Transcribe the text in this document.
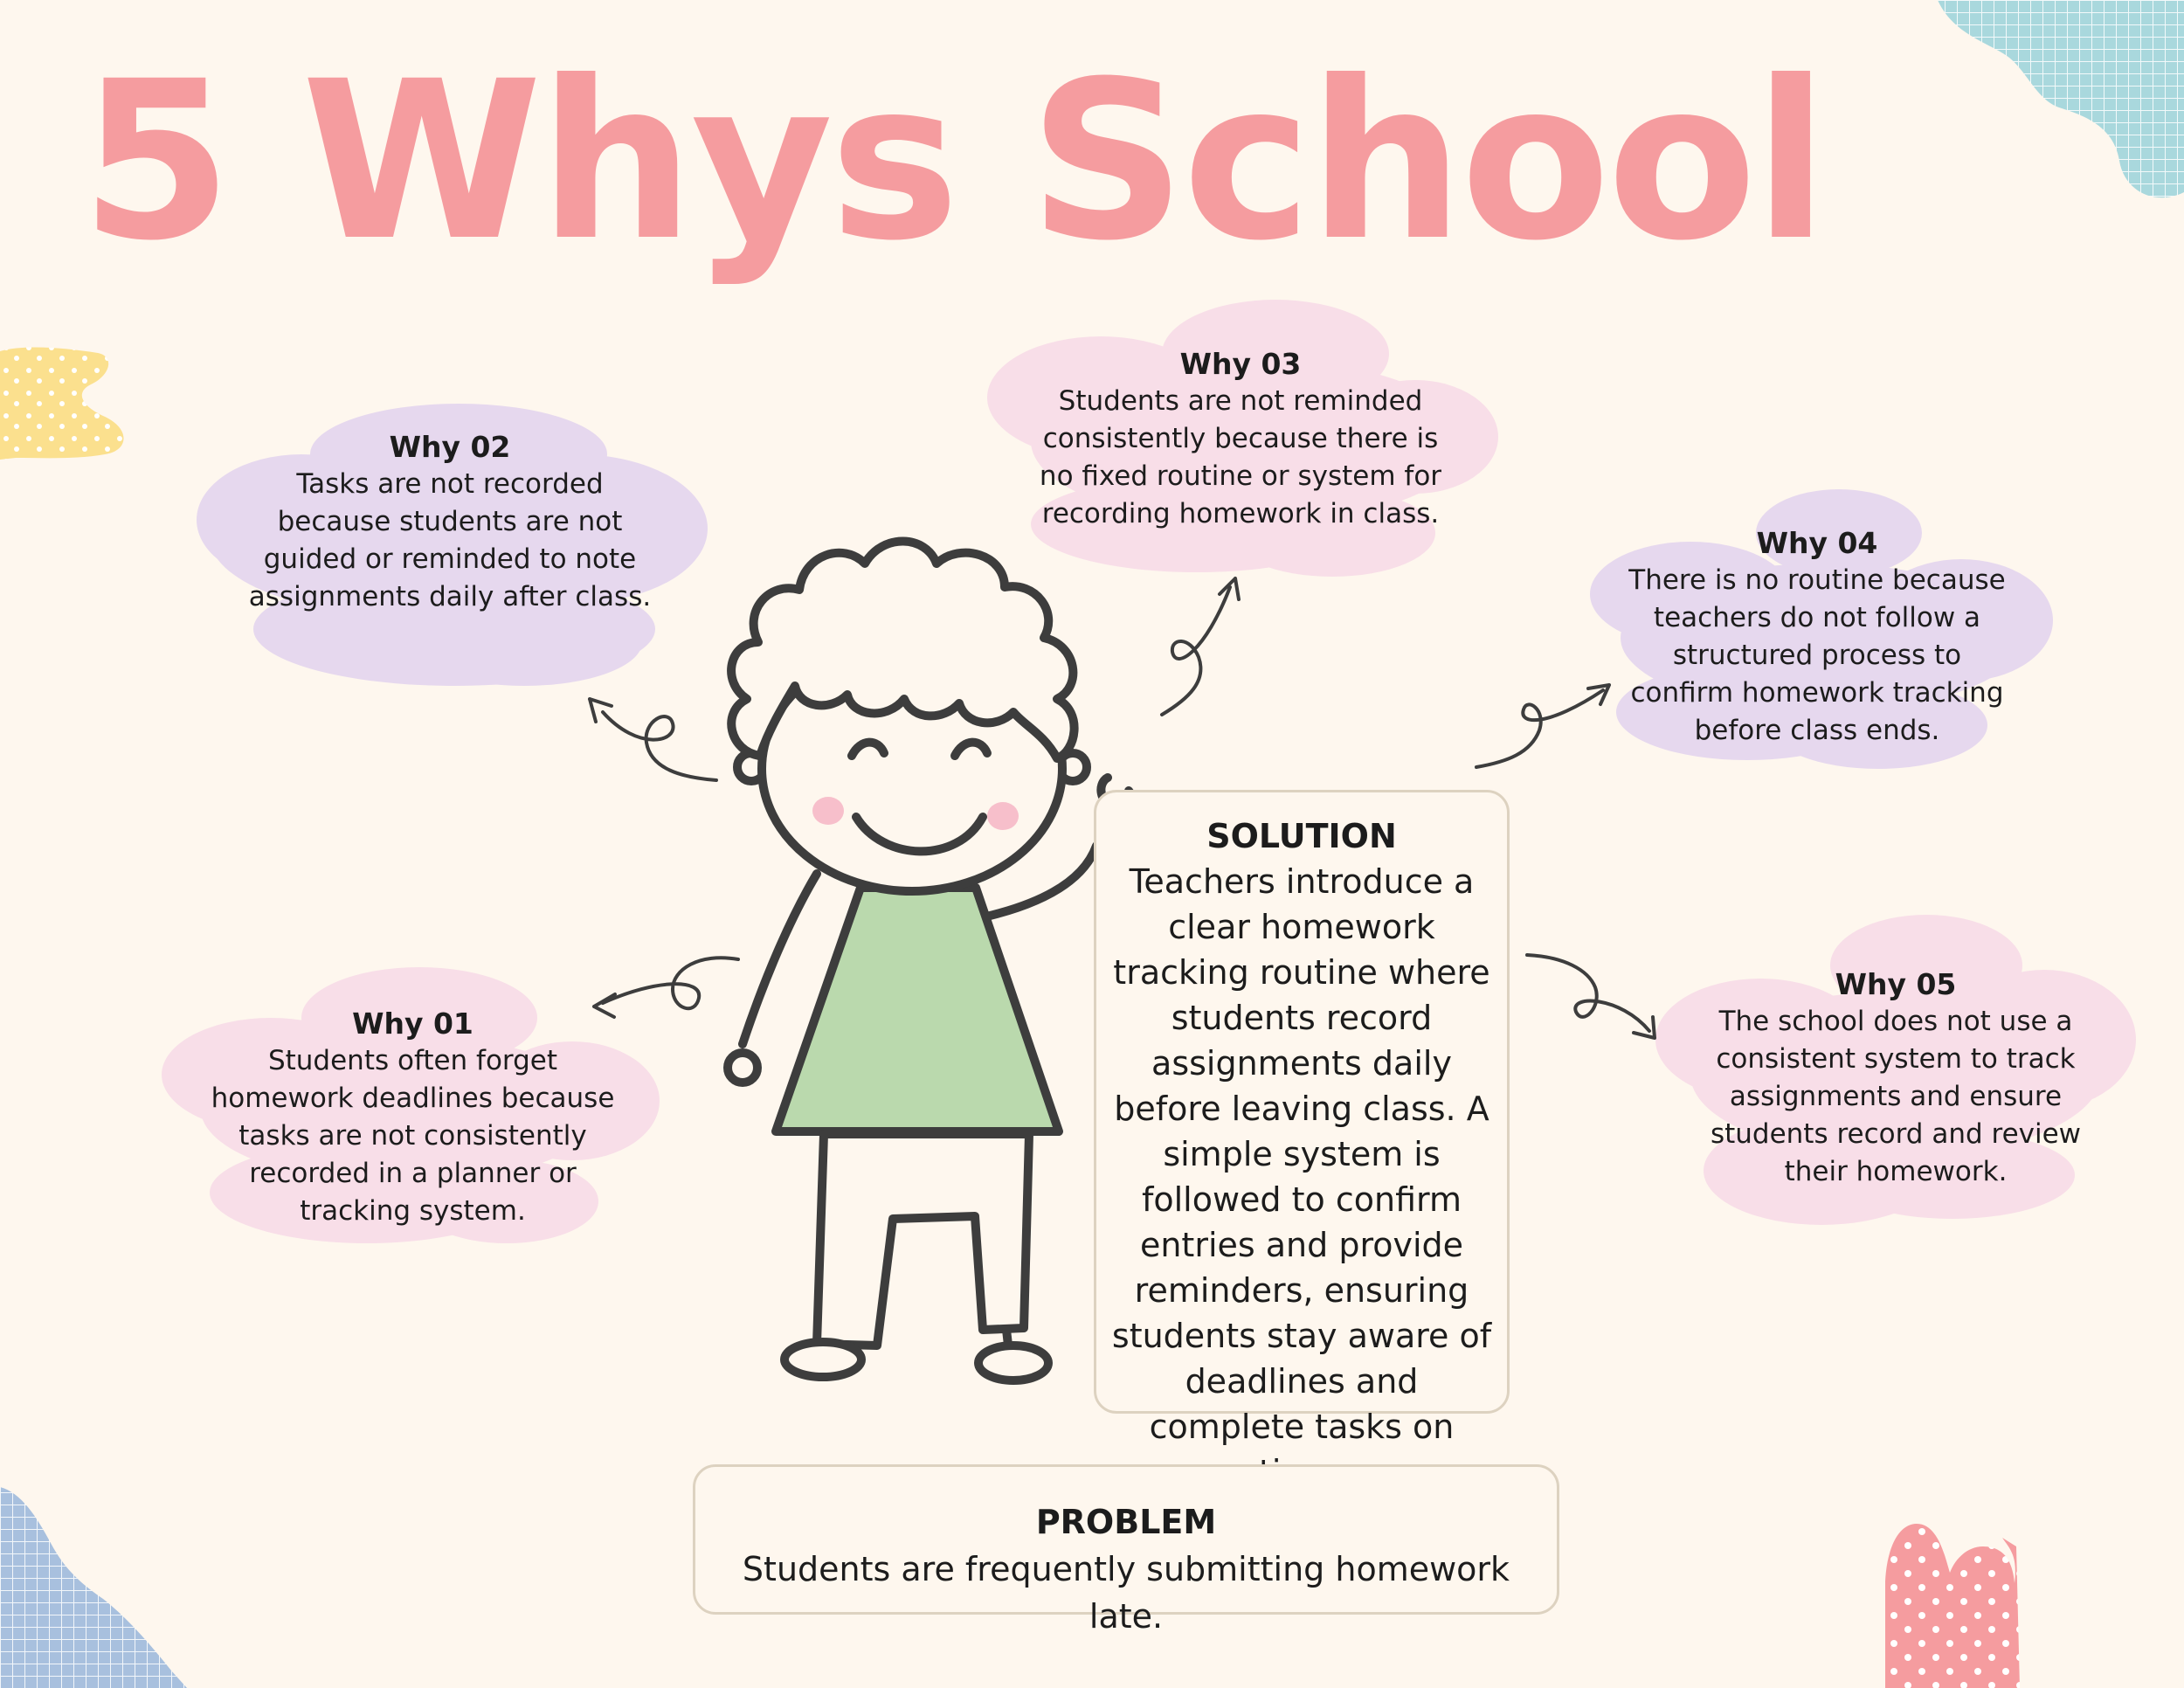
5 Whys School
Why 02
Tasks are not recorded because students are not guided or reminded to note assignments daily after class.
Why 03
Students are not reminded consistently because there is no fixed routine or system for recording homework in class.
Why 04
There is no routine because teachers do not follow a structured process to confirm homework tracking before class ends.
Why 01
Students often forget homework deadlines because tasks are not consistently recorded in a planner or tracking system.
Why 05
The school does not use a consistent system to track assignments and ensure students record and review their homework.
SOLUTION
Teachers introduce a clear homework tracking routine where students record assignments daily before leaving class. A simple system is followed to confirm entries and provide reminders, ensuring students stay aware of deadlines and complete tasks on
PROBLEM
Students are frequently submitting homework late.
